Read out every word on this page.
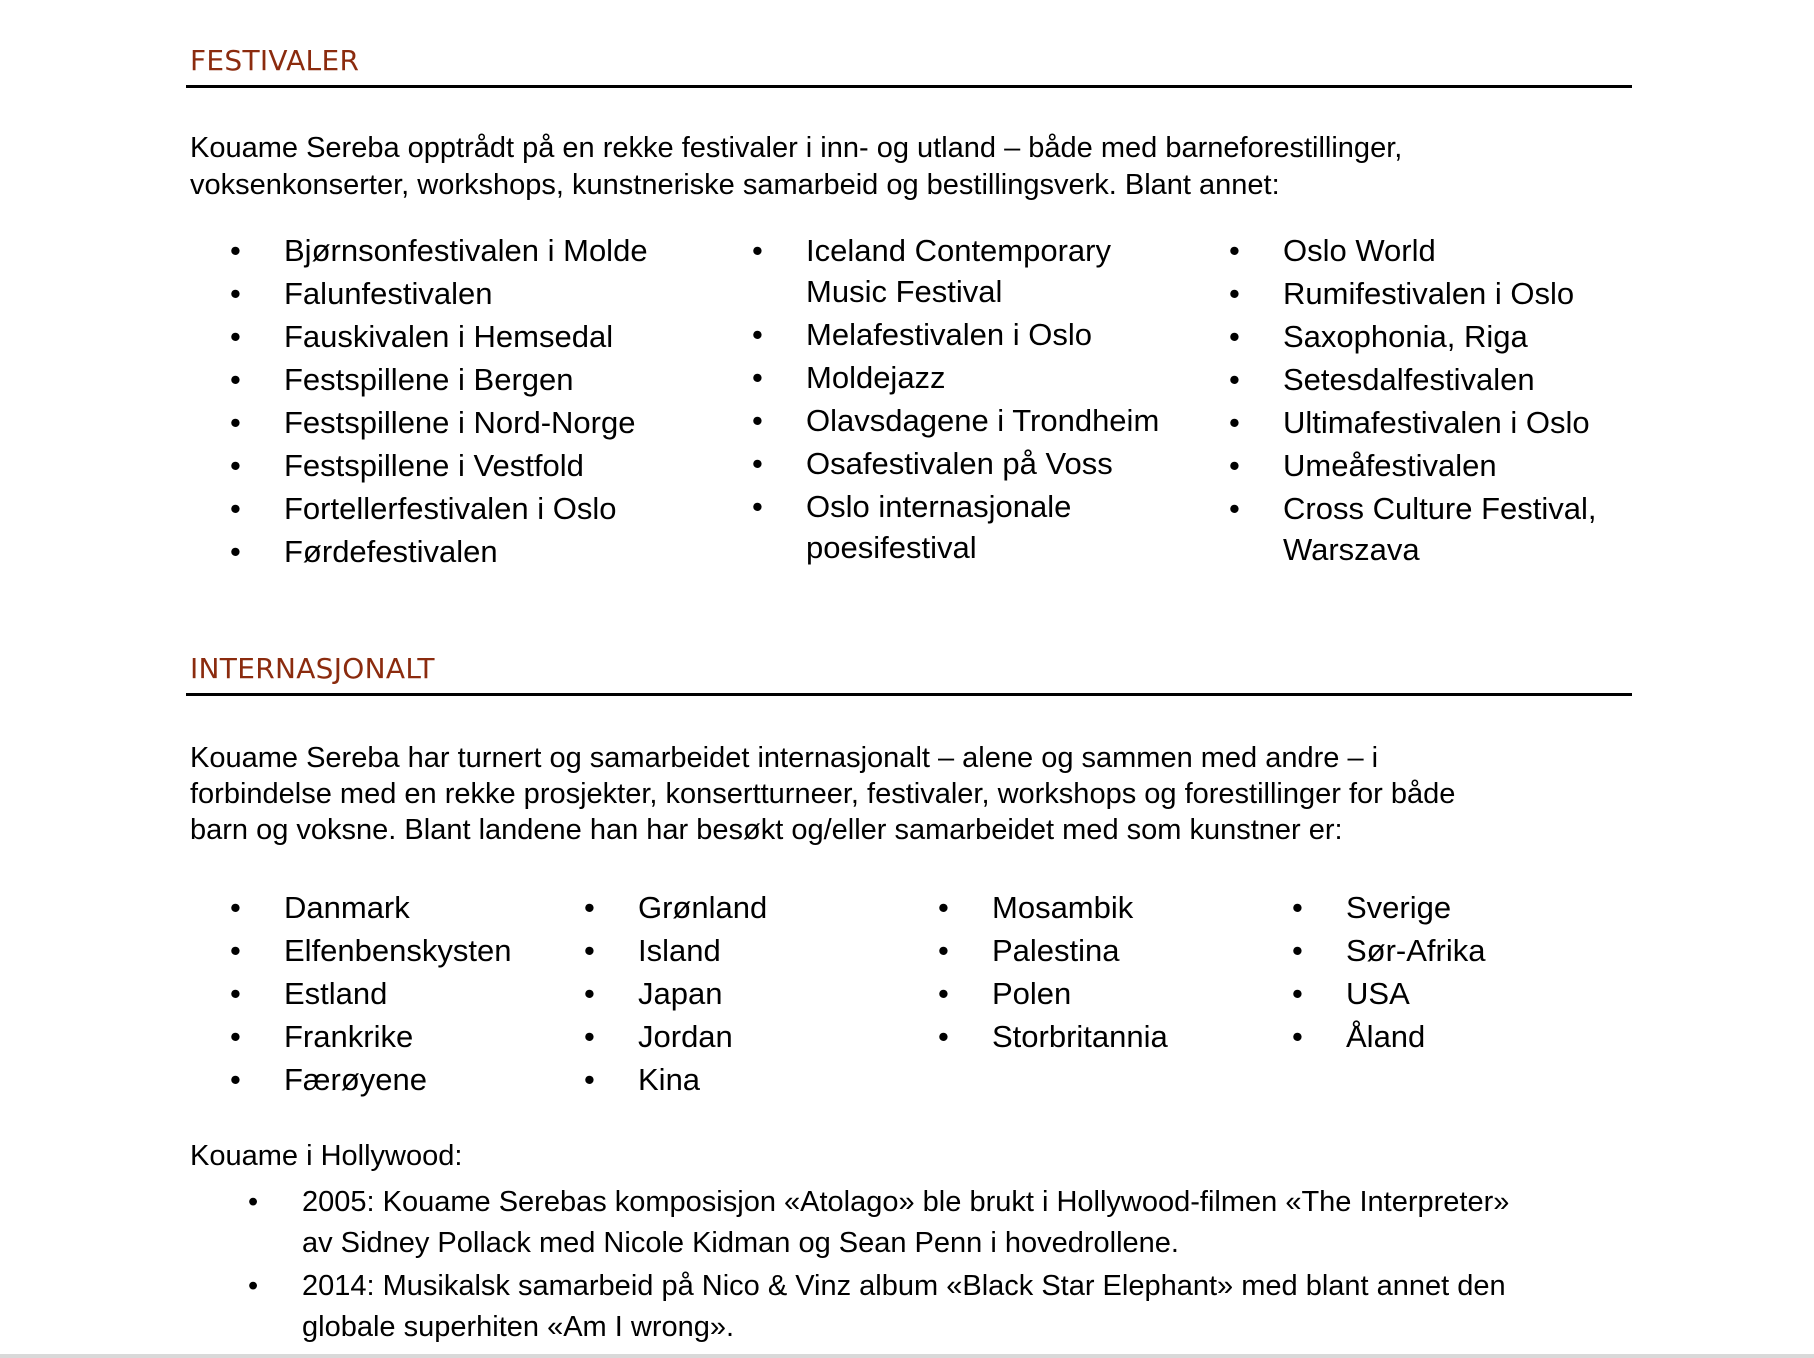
FESTIVALER

Kouame Sereba opptrådt på en rekke festivaler i inn- og utland – både med barneforestillinger,
voksenkonserter, workshops, kunstneriske samarbeid og bestillingsverk. Blant annet:

• Bjørnsonfestivalen i Molde
• Falunfestivalen
• Fauskivalen i Hemsedal
• Festspillene i Bergen
• Festspillene i Nord-Norge
• Festspillene i Vestfold
• Fortellerfestivalen i Oslo
• Førdefestivalen
• Iceland Contemporary Music Festival
• Melafestivalen i Oslo
• Moldejazz
• Olavsdagene i Trondheim
• Osafestivalen på Voss
• Oslo internasjonale poesifestival
• Oslo World
• Rumifestivalen i Oslo
• Saxophonia, Riga
• Setesdalfestivalen
• Ultimafestivalen i Oslo
• Umeåfestivalen
• Cross Culture Festival, Warszava
INTERNASJONALT

Kouame Sereba har turnert og samarbeidet internasjonalt – alene og sammen med andre – i
forbindelse med en rekke prosjekter, konsertturneer, festivaler, workshops og forestillinger for både
barn og voksne. Blant landene han har besøkt og/eller samarbeidet med som kunstner er:

• Danmark
• Elfenbenskysten
• Estland
• Frankrike
• Færøyene
• Grønland
• Island
• Japan
• Jordan
• Kina
• Mosambik
• Palestina
• Polen
• Storbritannia
• Sverige
• Sør-Afrika
• USA
• Åland
Kouame i Hollywood:
• 2005: Kouame Serebas komposisjon «Atolago» ble brukt i Hollywood-filmen «The Interpreter» av Sidney Pollack med Nicole Kidman og Sean Penn i hovedrollene.
• 2014: Musikalsk samarbeid på Nico & Vinz album «Black Star Elephant» med blant annet den globale superhiten «Am I wrong».
